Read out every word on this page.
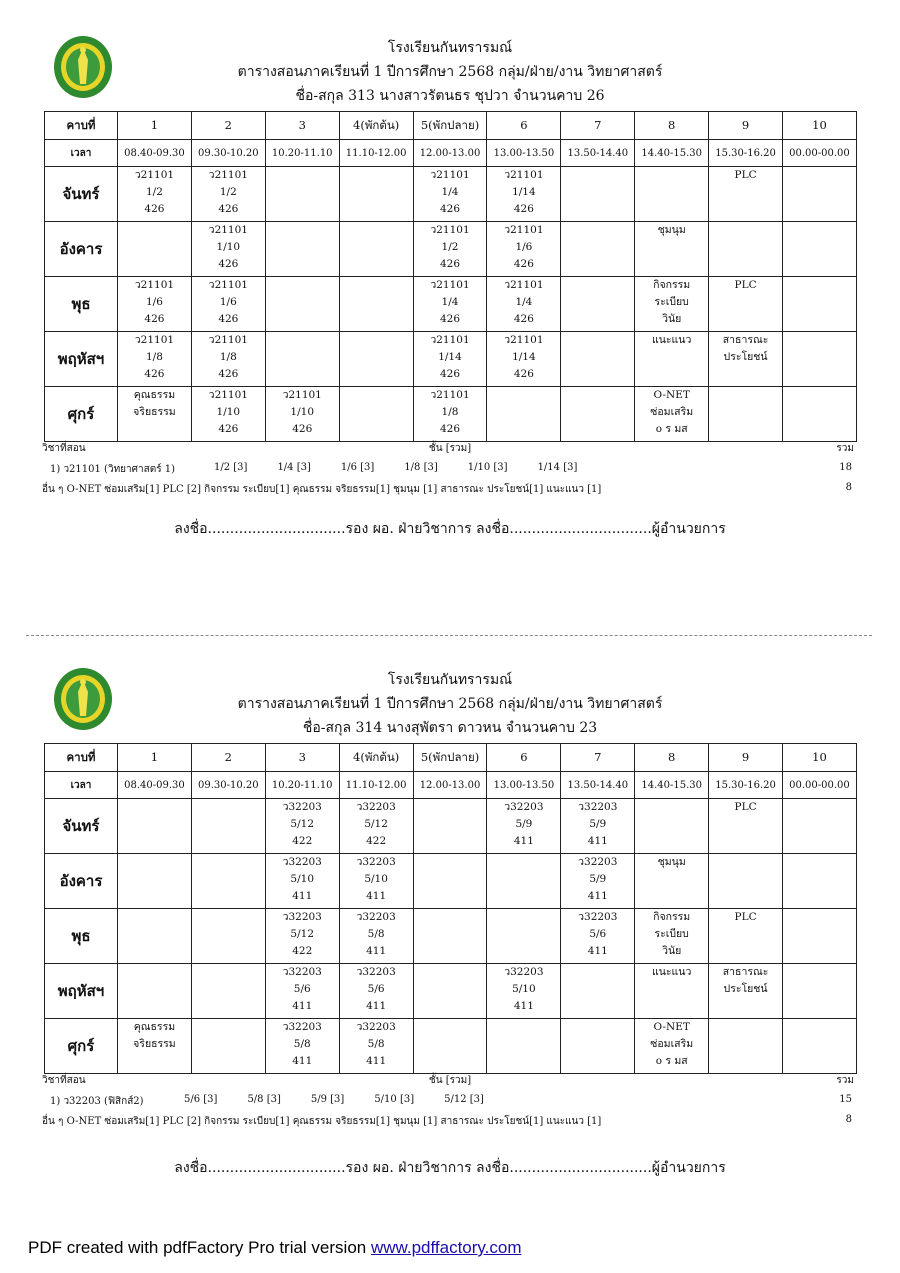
โรงเรียนกันทรารมณ์
ตารางสอนภาคเรียนที่ 1 ปีการศึกษา 2568 กลุ่ม/ฝ่าย/งาน วิทยาศาสตร์
ชื่อ-สกุล 313 นางสาวรัตนธร ชุปวา จำนวนคาบ 26
คาบที่	1	2	3	4(พักต้น)	5(พักปลาย)	6	7	8	9	10
เวลา	08.40-09.30	09.30-10.20	10.20-11.10	11.10-12.00	12.00-13.00	13.00-13.50	13.50-14.40	14.40-15.30	15.30-16.20	00.00-00.00
จันทร์	ว21101
1/2
426	ว21101
1/2
426			ว21101
1/4
426	ว21101
1/14
426			PLC	

อังคาร		ว21101
1/10
426			ว21101
1/2
426	ว21101
1/6
426		ชุมนุม		

พุธ	ว21101
1/6
426	ว21101
1/6
426			ว21101
1/4
426	ว21101
1/4
426		กิจกรรม
ระเบียบ
วินัย	PLC	

พฤหัสฯ	ว21101
1/8
426	ว21101
1/8
426			ว21101
1/14
426	ว21101
1/14
426		แนะแนว	สาธารณะ
ประโยชน์	

ศุกร์	คุณธรรม
จริยธรรม	ว21101
1/10
426	ว21101
1/10
426		ว21101
1/8
426			O-NET
ซ่อมเสริม
o ร มส		

วิชาที่สอน	ชั้น [รวม]	รวม
1) ว21101 (วิทยาศาสตร์ 1)	1/2 [3]	1/4 [3]	1/6 [3]	1/8 [3]	1/10 [3]	1/14 [3]	18
อื่น ๆ O-NET ซ่อมเสริม[1] PLC [2] กิจกรรม ระเบียบ[1] คุณธรรม จริยธรรม[1] ชุมนุม [1] สาธารณะ ประโยชน์[1] แนะแนว [1]	8
ลงชื่อ...............................รอง ผอ. ฝ่ายวิชาการ ลงชื่อ................................ผู้อำนวยการ
โรงเรียนกันทรารมณ์
ตารางสอนภาคเรียนที่ 1 ปีการศึกษา 2568 กลุ่ม/ฝ่าย/งาน วิทยาศาสตร์
ชื่อ-สกุล 314 นางสุพัตรา ดาวหน จำนวนคาบ 23
คาบที่	1	2	3	4(พักต้น)	5(พักปลาย)	6	7	8	9	10
เวลา	08.40-09.30	09.30-10.20	10.20-11.10	11.10-12.00	12.00-13.00	13.00-13.50	13.50-14.40	14.40-15.30	15.30-16.20	00.00-00.00
จันทร์			ว32203
5/12
422	ว32203
5/12
422		ว32203
5/9
411	ว32203
5/9
411		PLC	

อังคาร			ว32203
5/10
411	ว32203
5/10
411			ว32203
5/9
411	ชุมนุม		

พุธ			ว32203
5/12
422	ว32203
5/8
411			ว32203
5/6
411	กิจกรรม
ระเบียบ
วินัย	PLC	

พฤหัสฯ			ว32203
5/6
411	ว32203
5/6
411		ว32203
5/10
411		แนะแนว	สาธารณะ
ประโยชน์	

ศุกร์	คุณธรรม
จริยธรรม		ว32203
5/8
411	ว32203
5/8
411				O-NET
ซ่อมเสริม
o ร มส		

วิชาที่สอน	ชั้น [รวม]	รวม
1) ว32203 (ฟิสิกส์2)	5/6 [3]	5/8 [3]	5/9 [3]	5/10 [3]	5/12 [3]	15
อื่น ๆ O-NET ซ่อมเสริม[1] PLC [2] กิจกรรม ระเบียบ[1] คุณธรรม จริยธรรม[1] ชุมนุม [1] สาธารณะ ประโยชน์[1] แนะแนว [1]	8
ลงชื่อ...............................รอง ผอ. ฝ่ายวิชาการ ลงชื่อ................................ผู้อำนวยการ
PDF created with pdfFactory Pro trial version www.pdffactory.com
